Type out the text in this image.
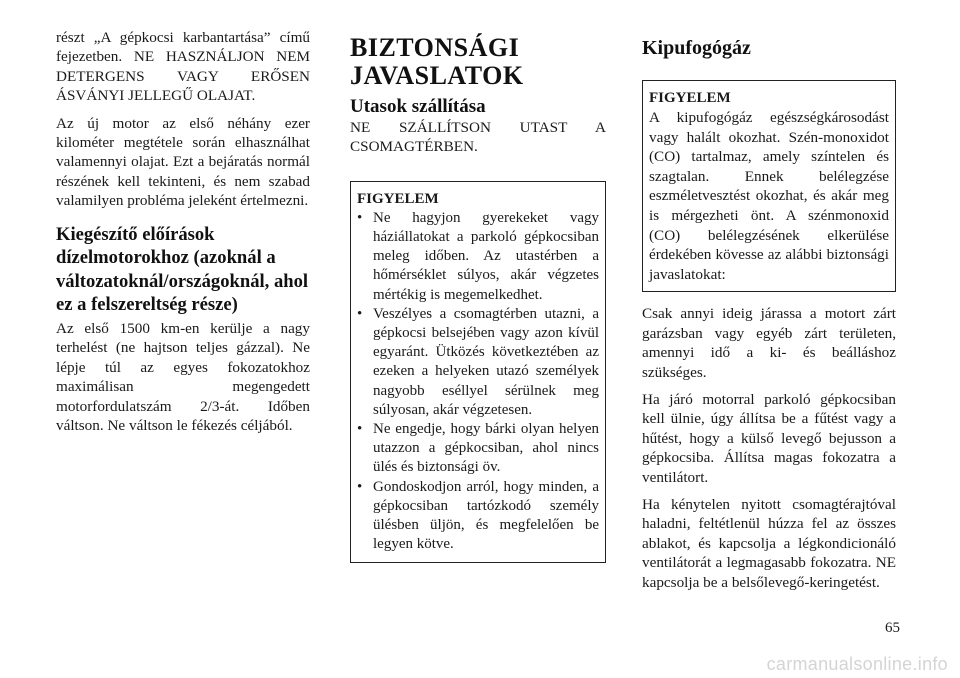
részt „A gépkocsi karbantartása” című fejezetben. NE HASZNÁLJON NEM DETERGENS VAGY ERŐSEN ÁSVÁNYI JELLEGŰ OLAJAT.

Az új motor az első néhány ezer kilométer megtétele során elhasználhat valamennyi olajat. Ezt a bejáratás normál részének kell tekinteni, és nem szabad valamilyen probléma jeleként értelmezni.

Kiegészítő előírások dízelmotorokhoz (azoknál a változatoknál/országoknál, ahol ez a felszereltség része)

Az első 1500 km-en kerülje a nagy terhelést (ne hajtson teljes gázzal). Ne lépje túl az egyes fokozatokhoz maximálisan megengedett motorfordulatszám 2/3-át. Időben váltson. Ne váltson le fékezés céljából.

BIZTONSÁGI JAVASLATOK
Utasok szállítása

NE SZÁLLÍTSON UTAST A CSOMAGTÉRBEN.

FIGYELEM
• Ne hagyjon gyerekeket vagy háziállatokat a parkoló gépkocsiban meleg időben. Az utastérben a hőmérséklet súlyos, akár végzetes mértékig is megemelkedhet.
• Veszélyes a csomagtérben utazni, a gépkocsi belsejében vagy azon kívül egyaránt. Ütközés következtében az ezeken a helyeken utazó személyek nagyobb eséllyel sérülnek meg súlyosan, akár végzetesen.
• Ne engedje, hogy bárki olyan helyen utazzon a gépkocsiban, ahol nincs ülés és biztonsági öv.
• Gondoskodjon arról, hogy minden, a gépkocsiban tartózkodó személy ülésben üljön, és megfelelően be legyen kötve.
Kipufogógáz
FIGYELEM

A kipufogógáz egészségkárosodást vagy halált okozhat. Szén-monoxidot (CO) tartalmaz, amely színtelen és szagtalan. Ennek belélegzése eszméletvesztést okozhat, és akár meg is mérgezheti önt. A szénmonoxid (CO) belélegzésének elkerülése érdekében kövesse az alábbi biztonsági javaslatokat:

Csak annyi ideig járassa a motort zárt garázsban vagy egyéb zárt területen, amennyi idő a ki- és beálláshoz szükséges.

Ha járó motorral parkoló gépkocsiban kell ülnie, úgy állítsa be a fűtést vagy a hűtést, hogy a külső levegő bejusson a gépkocsiba. Állítsa magas fokozatra a ventilátort.

Ha kénytelen nyitott csomagtérajtóval haladni, feltétlenül húzza fel az összes ablakot, és kapcsolja a légkondicionáló ventilátorát a legmagasabb fokozatra. NE kapcsolja be a belsőlevegő-keringetést.

65
carmanualsonline.info
